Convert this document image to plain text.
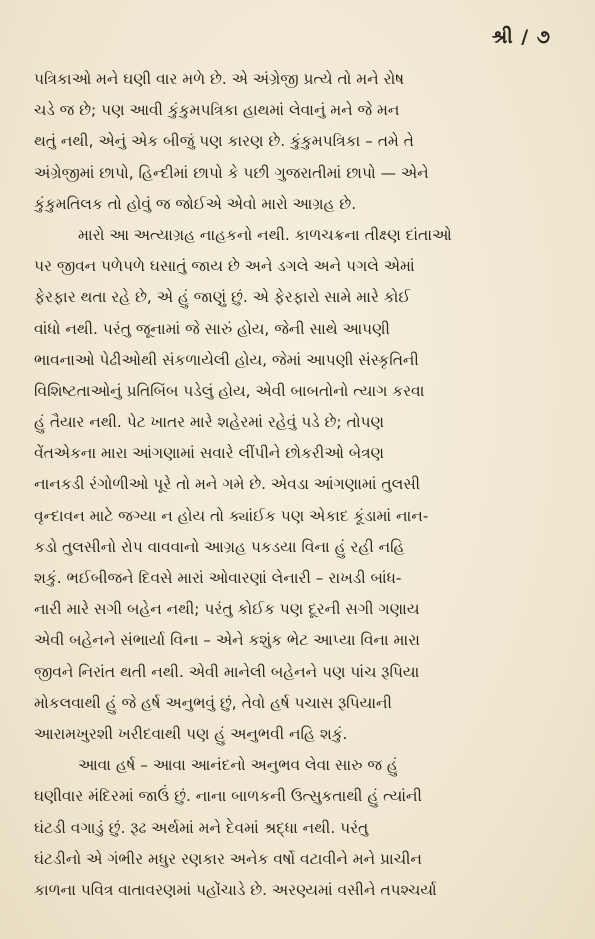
શ્રી / ૭
પત્રિકાઓ મને ઘણી વાર મળે છે. એ અંગ્રેજી પ્રત્યે તો મને રોષ
ચડે જ છે; પણ આવી કુંકુમપત્રિકા હાથમાં લેવાનું મને જે મન
થતું નથી, એનું એક બીજું પણ કારણ છે. કુંકુમપત્રિકા – તમે તે
અંગ્રેજીમાં છાપો, હિન્દીમાં છાપો કે પછી ગુજરાતીમાં છાપો — એને
કુંકુમતિલક તો હોવું જ જોઈએ એવો મારો આગ્રહ છે.
મારો આ અત્યાગ્રહ નાહકનો નથી. કાળચક્રના તીક્ષ્ણ દાંતાઓ
પર જીવન પળેપળે ઘસાતું જાય છે અને ડગલે અને પગલે એમાં
ફેરફાર થતા રહે છે, એ હું જાણું છું. એ ફેરફારો સામે મારે કોઈ
વાંધો નથી. પરંતુ જૂનામાં જે સારું હોય, જેની સાથે આપણી
ભાવનાઓ પેઢીઓથી સંકળાયેલી હોય, જેમાં આપણી સંસ્કૃતિની
વિશિષ્ટતાઓનું પ્રતિબિંબ પડેલું હોય, એવી બાબતોનો ત્યાગ કરવા
હું તૈયાર નથી. પેટ ખાતર મારે શહેરમાં રહેવું પડે છે; તોપણ
વેંતએકના મારા આંગણામાં સવારે લીંપીને છોકરીઓ બેત્રણ
નાનકડી રંગોળીઓ પૂરે તો મને ગમે છે. એવડા આંગણામાં તુલસી
વૃન્દાવન માટે જગ્યા ન હોય તો ક્યાંઈક પણ એકાદ કૂંડામાં નાન-
કડો તુલસીનો રોપ વાવવાનો આગ્રહ પકડયા વિના હું રહી નહિ
શકું. ભઈબીજને દિવસે મારાં ઓવારણાં લેનારી – રાખડી બાંધ-
નારી મારે સગી બહેન નથી; પરંતુ કોઈક પણ દૂરની સગી ગણાય
એવી બહેનને સંભાર્યા વિના – એને કશુંક ભેટ આપ્યા વિના મારા
જીવને નિરાંત થતી નથી. એવી માનેલી બહેનને પણ પાંચ રૂપિયા
મોકલવાથી હું જે હર્ષ અનુભવું છું, તેવો હર્ષ પચાસ રૂપિયાની
આરામખુરશી ખરીદવાથી પણ હું અનુભવી નહિ શકું.
આવા હર્ષ – આવા આનંદનો અનુભવ લેવા સારુ જ હું
ઘણીવાર મંદિરમાં જાઉં છું. નાના બાળકની ઉત્સુકતાથી હું ત્યાંની
ઘંટડી વગાડું છું. રૂઢ અર્થમાં મને દેવમાં શ્રદ્ધા નથી. પરંતુ
ઘંટડીનો એ ગંભીર મધુર રણકાર અનેક વર્ષો વટાવીને મને પ્રાચીન
કાળના પવિત્ર વાતાવરણમાં પહોંચાડે છે. અરણ્યમાં વસીને તપશ્ચર્યા
